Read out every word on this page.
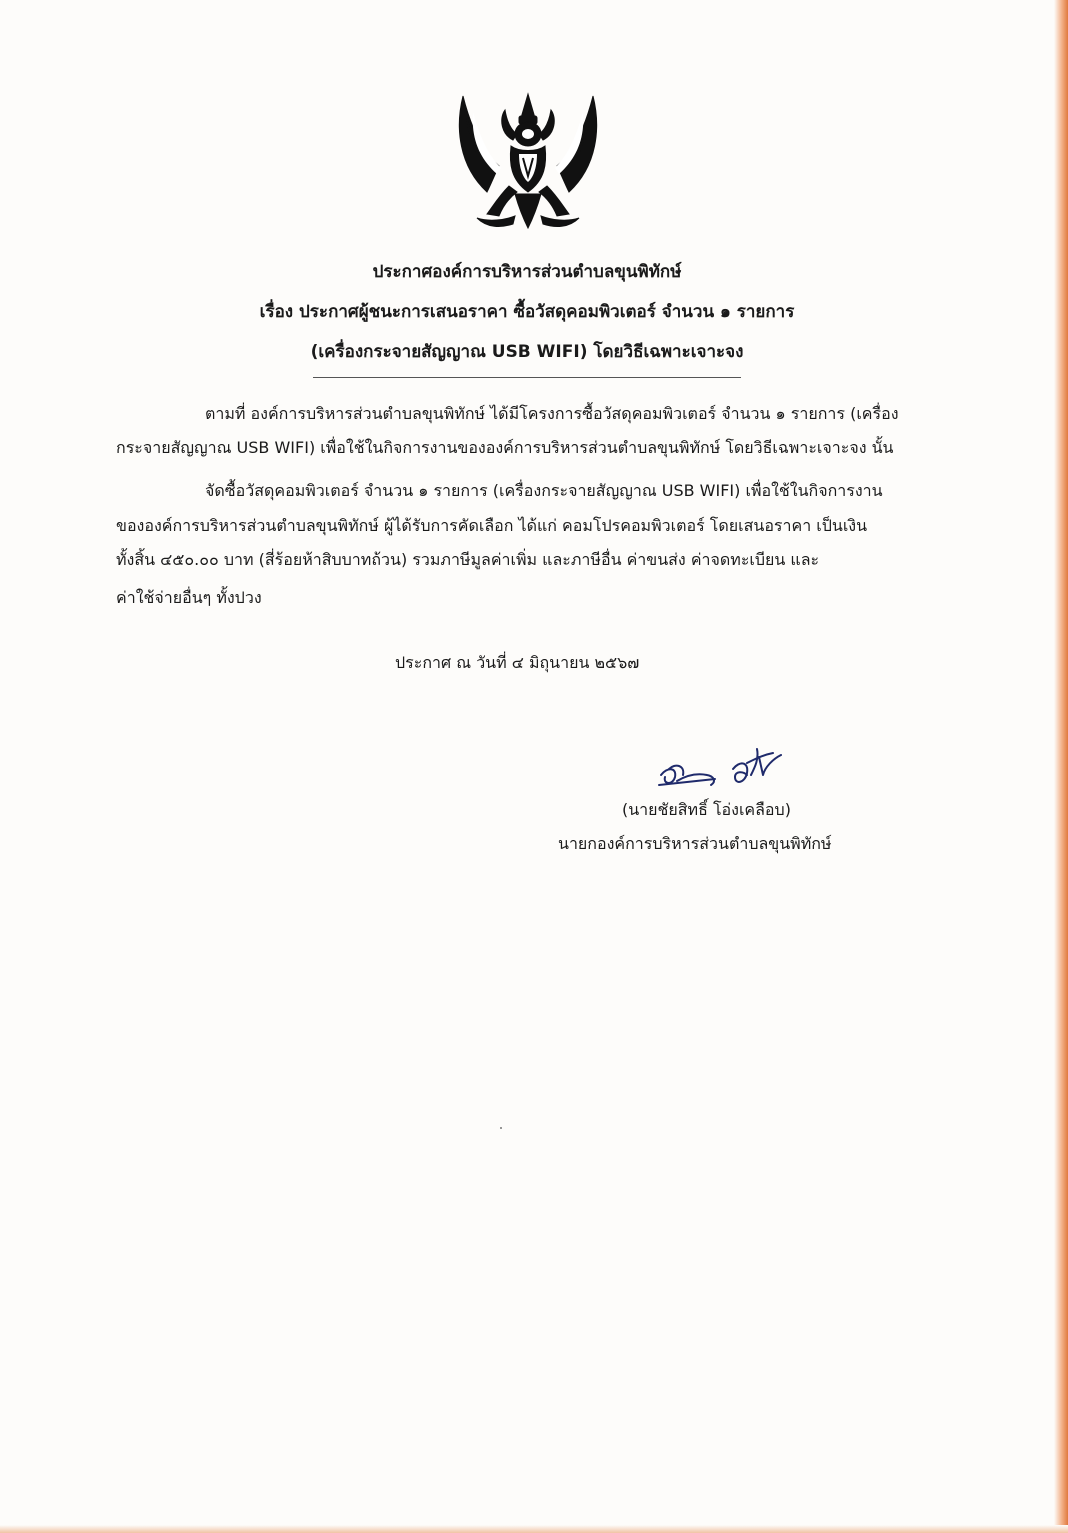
ประกาศองค์การบริหารส่วนตำบลขุนพิทักษ์
เรื่อง ประกาศผู้ชนะการเสนอราคา ซื้อวัสดุคอมพิวเตอร์ จำนวน ๑ รายการ
(เครื่องกระจายสัญญาณ USB WIFI) โดยวิธีเฉพาะเจาะจง
ตามที่ องค์การบริหารส่วนตำบลขุนพิทักษ์ ได้มีโครงการซื้อวัสดุคอมพิวเตอร์ จำนวน ๑ รายการ (เครื่อง
กระจายสัญญาณ USB WIFI) เพื่อใช้ในกิจการงานขององค์การบริหารส่วนตำบลขุนพิทักษ์ โดยวิธีเฉพาะเจาะจง นั้น
จัดซื้อวัสดุคอมพิวเตอร์ จำนวน ๑ รายการ (เครื่องกระจายสัญญาณ USB WIFI) เพื่อใช้ในกิจการงาน
ขององค์การบริหารส่วนตำบลขุนพิทักษ์ ผู้ได้รับการคัดเลือก ได้แก่ คอมโปรคอมพิวเตอร์ โดยเสนอราคา เป็นเงิน
ทั้งสิ้น ๔๕๐.๐๐ บาท (สี่ร้อยห้าสิบบาทถ้วน) รวมภาษีมูลค่าเพิ่ม และภาษีอื่น ค่าขนส่ง ค่าจดทะเบียน และ
ค่าใช้จ่ายอื่นๆ ทั้งปวง
ประกาศ ณ วันที่ ๔ มิถุนายน ๒๕๖๗
(นายชัยสิทธิ์ โอ่งเคลือบ)
นายกองค์การบริหารส่วนตำบลขุนพิทักษ์
